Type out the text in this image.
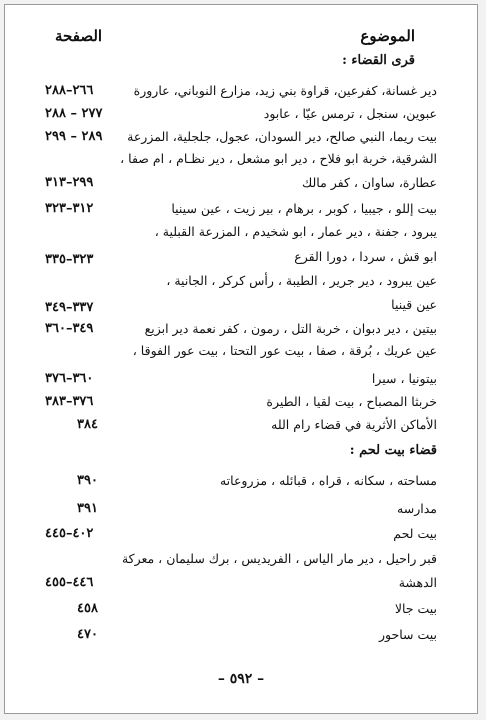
الموضوع
الصفحة
قرى القضاء :
دير غسانة، كفرعين، قراوة بني زيد، مزارع النوباني، عارورة
٢٦٦–٢٨٨
عبوين، سنجل ، ترمس عيّا ، عابود
٢٧٧ – ٢٨٨
بيت ريما، النبي صالح، دير السودان، عجول، جلجلية، المزرعة
٢٨٩ – ٢٩٩
الشرقية، خربة ابو فلاح ، دير ابو مشعل ، دير نظـام ، ام صفا ،
عطارة، ساوان ، كفر مالك
٢٩٩–٣١٣
بيت إللو ، جيبيا ، كوبر ، برهام ، بير زيت ، عين سينيا
٣١٢–٣٢٣
يبرود ، جفنة ، دير عمار ، ابو شخيدم ، المزرعة القبلية ،
ابو قش ، سردا ، دورا القرع
٣٢٣–٣٣٥
عين يبرود ، دير جرير ، الطيبة ، رأس كركر ، الجانية ،
عين قينيا
٣٣٧–٣٤٩
بيتين ، دير دبوان ، خربة التل ، رمون ، كفر نعمة دير ابزيع
٣٤٩–٣٦٠
عين عريك ، بُرقة ، صفا ، بيت عور التحتا ، بيت عور الفوقا ،
بيتونيا ، سيرا
٣٦٠–٣٧٦
خربثا المصباح ، بيت لقيا ، الطيرة
٣٧٦–٣٨٣
الأماكن الأثرية في قضاء رام الله
٣٨٤
قضاء بيت لحم :
مساحته ، سكانه ، قراه ، قبائله ، مزروعاته
٣٩٠
مدارسه
٣٩١
بيت لحم
٤٠٢–٤٤٥
قبر راحيل ، دير مار الياس ، الفريديس ، برك سليمان ، معركة
الدهشة
٤٤٦–٤٥٥
بيت جالا
٤٥٨
بيت ساحور
٤٧٠
– ٥٩٢ –
